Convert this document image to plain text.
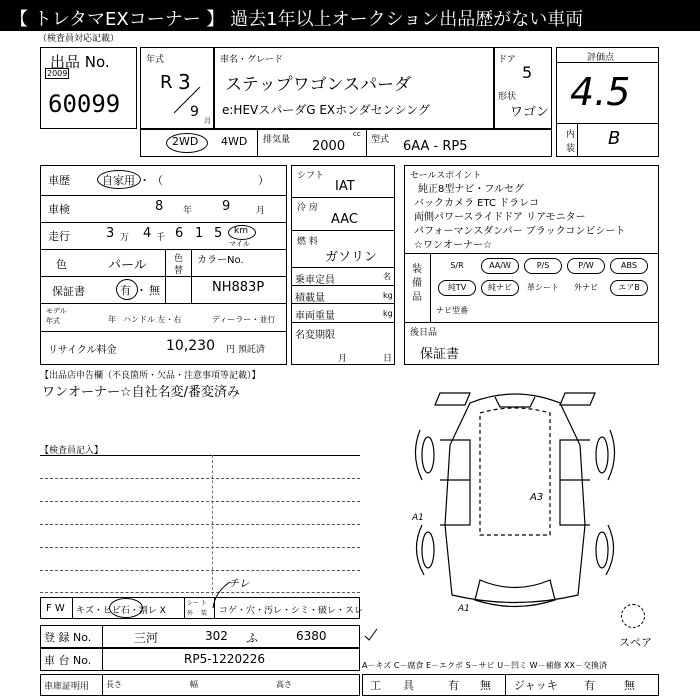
【 トレタマEXコーナー 】 過去1年以上オークション出品歴がない車両
（検査員対応記載）
出品 No.
2009
60099
年式
R 3
9
月
車名・グレード
ステップワゴンスパーダ
e:HEVスパーダG EXホンダセンシング
ドア
5
形状
ワゴン
評価点
4.5
内
装 B
2WD 4WD 排気量
cc
2000	型式 6AA - RP5
車歴	自家用 ・ （	）
車検	8 年 9	月
走行	3 万 4 千 6 1 5 km
マイル
色	パール	色
替
カラーNo.
NH883P
保証書	有 ・ 無
モデル
年式	年 ハンドル 左・右	ディーラー・並行
リサイクル料金	10,230 円 預託済
シフト
IAT
冷 房
AAC
燃 料
ガソリン
乗車定員	名
積載量	kg
車両重量	kg
名変期限
月	日
セールスポイント
純正8型ナビ・フルセグ
バックカメラ ETC ドラレコ
両側パワースライドドア リアモニター
パフォーマンスダンパー ブラックコンビシート
☆ワンオーナー☆
装備品
S/R	AA/W	P/S	P/W	ABS
純TV	純ナビ	革シート	外ナビ	エアB
ナビ型番
後日品
保証書
【出品店申告欄（不良箇所・欠品・注意事項等記載）】
ワンオーナー☆自社名変/番変済み
【検査員記入】
A3
A1
A1
スペア
F W キズ・ヒビ石・割レ X
シー ト
外 装 コゲ・穴・汚レ・シミ・破レ・スレ
チレ
登 録 No.	三河	302 ふ	6380
車 台 No.	RP5-1220226	A－キズ C－腐食 E－エクボ S－サビ U－凹ミ W－補修 XX－交換済
車庫証明用 長さ	幅	高さ	工　　具	有 無 ジャッキ 有	無
